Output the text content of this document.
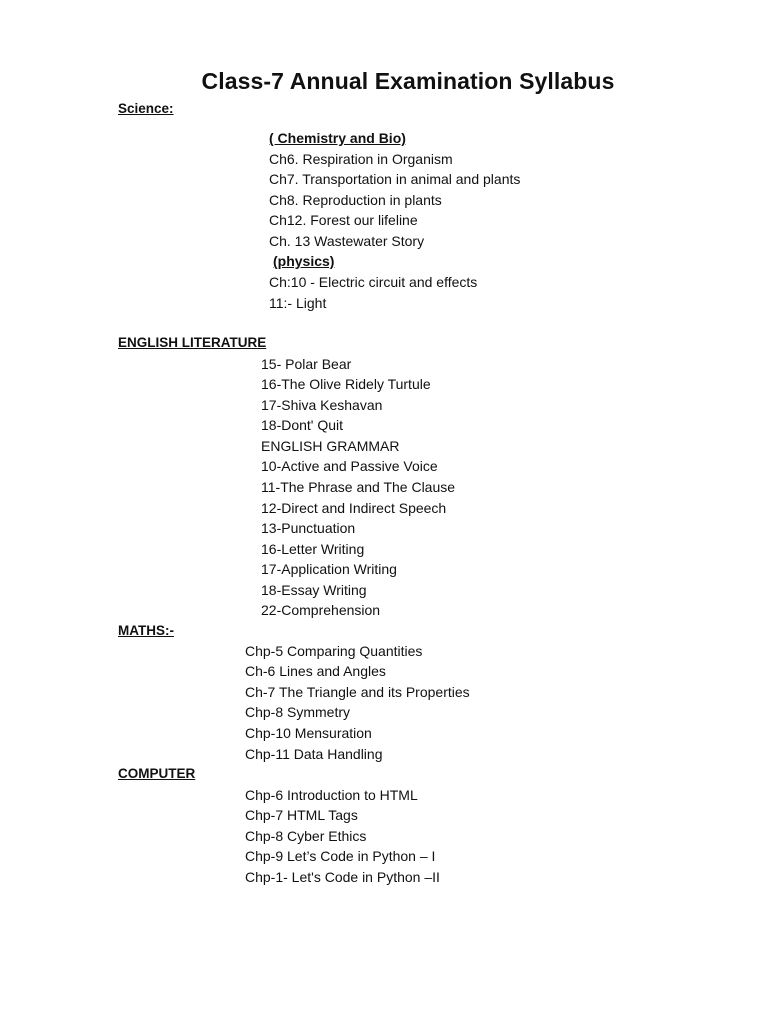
Class-7 Annual Examination Syllabus
Science:
( Chemistry and Bio)
Ch6. Respiration in Organism
Ch7. Transportation in animal and plants
Ch8. Reproduction in plants
Ch12. Forest our lifeline
Ch. 13 Wastewater Story
(physics)
Ch:10 - Electric circuit and effects
11:- Light
ENGLISH LITERATURE
15- Polar Bear
16-The Olive Ridely Turtule
17-Shiva Keshavan
18-Dont' Quit
ENGLISH GRAMMAR
10-Active and Passive Voice
11-The Phrase and The Clause
12-Direct and Indirect Speech
13-Punctuation
16-Letter Writing
17-Application Writing
18-Essay Writing
22-Comprehension
MATHS:-
Chp-5 Comparing Quantities
Ch-6 Lines and Angles
Ch-7 The Triangle and its Properties
Chp-8 Symmetry
Chp-10 Mensuration
Chp-11 Data Handling
COMPUTER
Chp-6 Introduction to HTML
Chp-7 HTML Tags
Chp-8 Cyber Ethics
Chp-9 Let’s Code in Python – I
Chp-1- Let's Code in Python –II
